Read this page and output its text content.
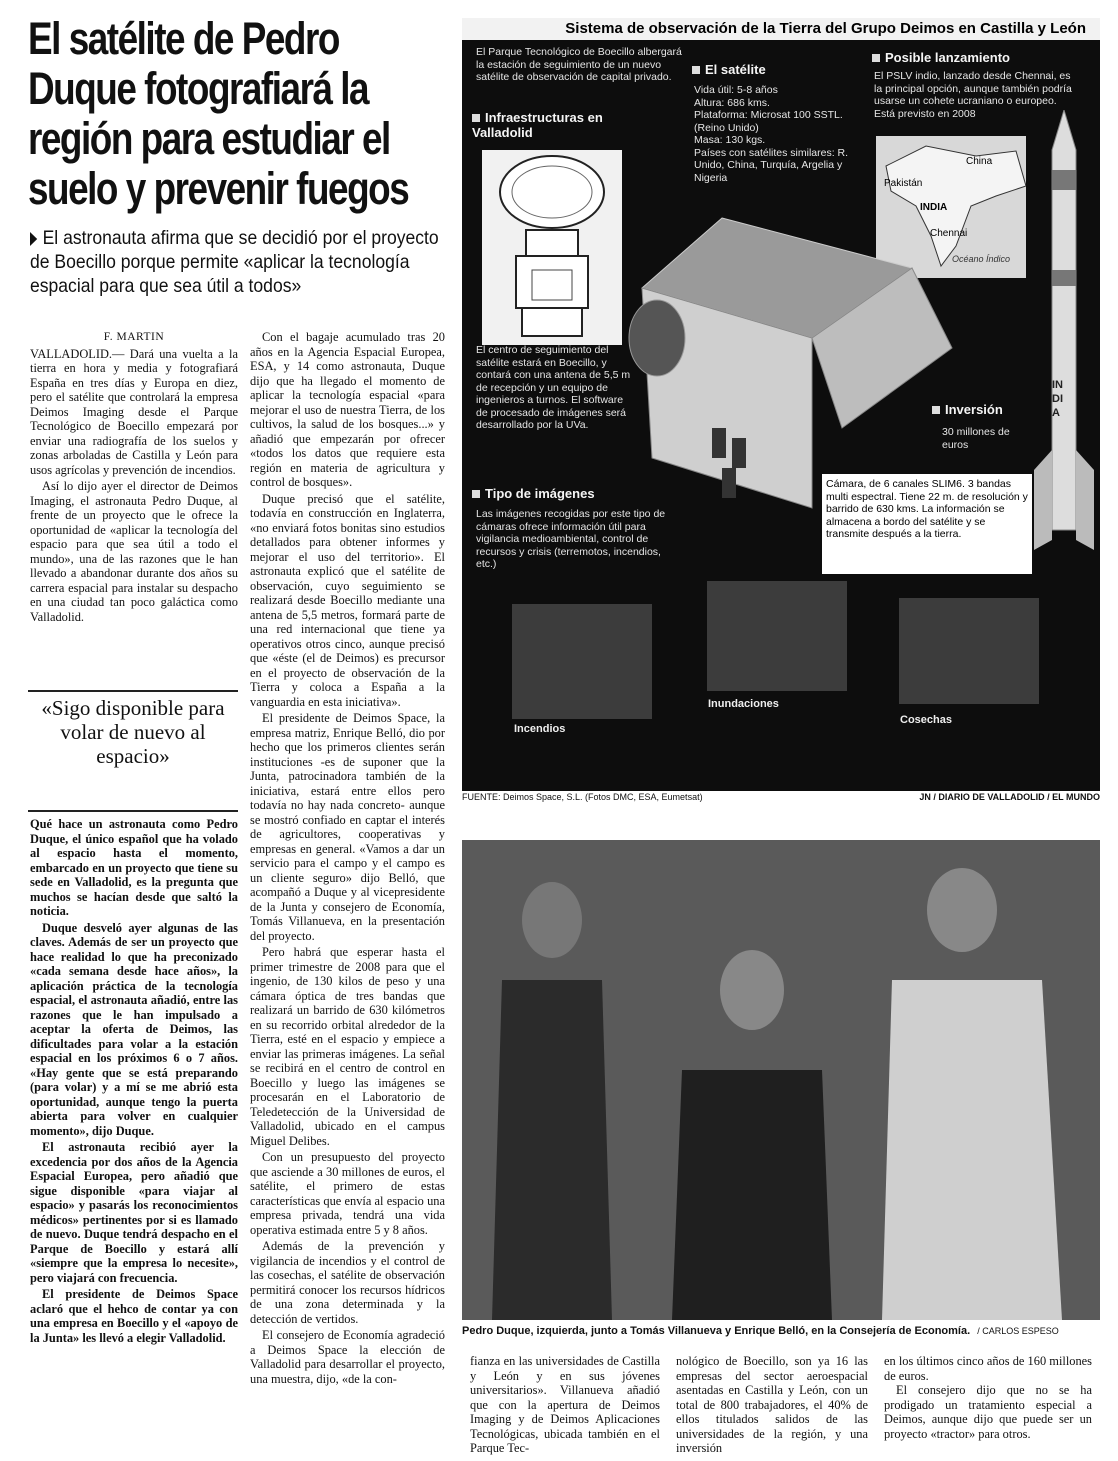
El satélite de Pedro Duque fotografiará la región para estudiar el suelo y prevenir fuegos
El astronauta afirma que se decidió por el proyecto de Boecillo porque permite «aplicar la tecnología espacial para que sea útil a todos»
F. MARTIN

VALLADOLID.— Dará una vuelta a la tierra en hora y media y fotografiará España en tres días y Europa en diez, pero el satélite que controlará la empresa Deimos Imaging desde el Parque Tecnológico de Boecillo empezará por enviar una radiografía de los suelos y zonas arboladas de Castilla y León para usos agrícolas y prevención de incendios.

Así lo dijo ayer el director de Deimos Imaging, el astronauta Pedro Duque, al frente de un proyecto que le ofrece la oportunidad de «aplicar la tecnología del espacio para que sea útil a todo el mundo», una de las razones que le han llevado a abandonar durante dos años su carrera espacial para instalar su despacho en una ciudad tan poco galáctica como Valladolid.

«Sigo disponible para volar de nuevo al espacio»

Qué hace un astronauta como Pedro Duque, el único español que ha volado al espacio hasta el momento, embarcado en un proyecto que tiene su sede en Valladolid, es la pregunta que muchos se hacían desde que saltó la noticia.

Duque desveló ayer algunas de las claves. Además de ser un proyecto que hace realidad lo que ha preconizado «cada semana desde hace años», la aplicación práctica de la tecnología espacial, el astronauta añadió, entre las razones que le han impulsado a aceptar la oferta de Deimos, las dificultades para volar a la estación espacial en los próximos 6 o 7 años. «Hay gente que se está preparando (para volar) y a mí se me abrió esta oportunidad, aunque tengo la puerta abierta para volver en cualquier momento», dijo Duque.

El astronauta recibió ayer la excedencia por dos años de la Agencia Espacial Europea, pero añadió que sigue disponible «para viajar al espacio» y pasarás los reconocimientos médicos» pertinentes por si es llamado de nuevo. Duque tendrá despacho en el Parque de Boecillo y estará allí «siempre que la empresa lo necesite», pero viajará con frecuencia.

El presidente de Deimos Space aclaró que el hehco de contar ya con una empresa en Boecillo y el «apoyo de la Junta» les llevó a elegir Valladolid.

Con el bagaje acumulado tras 20 años en la Agencia Espacial Europea, ESA, y 14 como astronauta, Duque dijo que ha llegado el momento de aplicar la tecnología espacial «para mejorar el uso de nuestra Tierra, de los cultivos, la salud de los bosques...» y añadió que empezarán por ofrecer «todos los datos que requiere esta región en materia de agricultura y control de bosques».

Duque precisó que el satélite, todavía en construcción en Inglaterra, «no enviará fotos bonitas sino estudios detallados para obtener informes y mejorar el uso del territorio». El astronauta explicó que el satélite de observación, cuyo seguimiento se realizará desde Boecillo mediante una antena de 5,5 metros, formará parte de una red internacional que tiene ya operativos otros cinco, aunque precisó que «éste (el de Deimos) es precursor en el proyecto de observación de la Tierra y coloca a España a la vanguardia en esta iniciativa».

El presidente de Deimos Space, la empresa matriz, Enrique Belló, dio por hecho que los primeros clientes serán instituciones -es de suponer que la Junta, patrocinadora también de la iniciativa, estará entre ellos pero todavía no hay nada concreto- aunque se mostró confiado en captar el interés de agricultores, cooperativas y empresas en general. «Vamos a dar un servicio para el campo y el campo es un cliente seguro» dijo Belló, que acompañó a Duque y al vicepresidente de la Junta y consejero de Economía, Tomás Villanueva, en la presentación del proyecto.

Pero habrá que esperar hasta el primer trimestre de 2008 para que el ingenio, de 130 kilos de peso y una cámara óptica de tres bandas que realizará un barrido de 630 kilómetros en su recorrido orbital alrededor de la Tierra, esté en el espacio y empiece a enviar las primeras imágenes. La señal se recibirá en el centro de control en Boecillo y luego las imágenes se procesarán en el Laboratorio de Teledetección de la Universidad de Valladolid, ubicado en el campus Miguel Delibes.

Con un presupuesto del proyecto que asciende a 30 millones de euros, el satélite, el primero de estas características que envía al espacio una empresa privada, tendrá una vida operativa estimada entre 5 y 8 años.

Además de la prevención y vigilancia de incendios y el control de las cosechas, el satélite de observación permitirá conocer los recursos hídricos de una zona determinada y la detección de vertidos.

El consejero de Economía agradeció a Deimos Space la elección de Valladolid para desarrollar el proyecto, una muestra, dijo, «de la con-

Sistema de observación de la Tierra del Grupo Deimos en Castilla y León
El Parque Tecnológico de Boecillo albergará la estación de seguimiento de un nuevo satélite de observación de capital privado.
Infraestructuras en Valladolid
El satélite
Vida útil: 5-8 años
Altura: 686 kms.
Plataforma: Microsat 100 SSTL. (Reino Unido)
Masa: 130 kgs.
Países con satélites similares: R. Unido, China, Turquía, Argelia y Nigeria
Posible lanzamiento
El PSLV indio, lanzado desde Chennai, es la principal opción, aunque también podría usarse un cohete ucraniano o europeo. Está previsto en 2008
China
Pakistán
INDIA
Chennai
Océano Índico
INDIA
El centro de seguimiento del satélite estará en Boecillo, y contará con una antena de 5,5 m de recepción y un equipo de ingenieros a turnos. El software de procesado de imágenes será desarrollado por la UVa.
Inversión
30 millones de euros
Cámara, de 6 canales SLIM6. 3 bandas multi espectral. Tiene 22 m. de resolución y barrido de 630 kms. La información se almacena a bordo del satélite y se transmite después a la tierra.
Tipo de imágenes
Las imágenes recogidas por este tipo de cámaras ofrece información útil para vigilancia medioambiental, control de recursos y crisis (terremotos, incendios, etc.)
Incendios
Inundaciones
Cosechas
FUENTE: Deimos Space, S.L. (Fotos DMC, ESA, Eumetsat)	JN / DIARIO DE VALLADOLID / EL MUNDO
Pedro Duque, izquierda, junto a Tomás Villanueva y Enrique Belló, en la Consejería de Economía. / CARLOS ESPESO
fianza en las universidades de Castilla y León y en sus jóvenes universitarios». Villanueva añadió que con la apertura de Deimos Imaging y de Deimos Aplicaciones Tecnológicas, ubicada también en el Parque Tec-
nológico de Boecillo, son ya 16 las empresas del sector aeroespacial asentadas en Castilla y León, con un total de 800 trabajadores, el 40% de ellos titulados salidos de las universidades de la región, y una inversión

en los últimos cinco años de 160 millones de euros.

El consejero dijo que no se ha prodigado un tratamiento especial a Deimos, aunque dijo que puede ser un proyecto «tractor» para otros.
